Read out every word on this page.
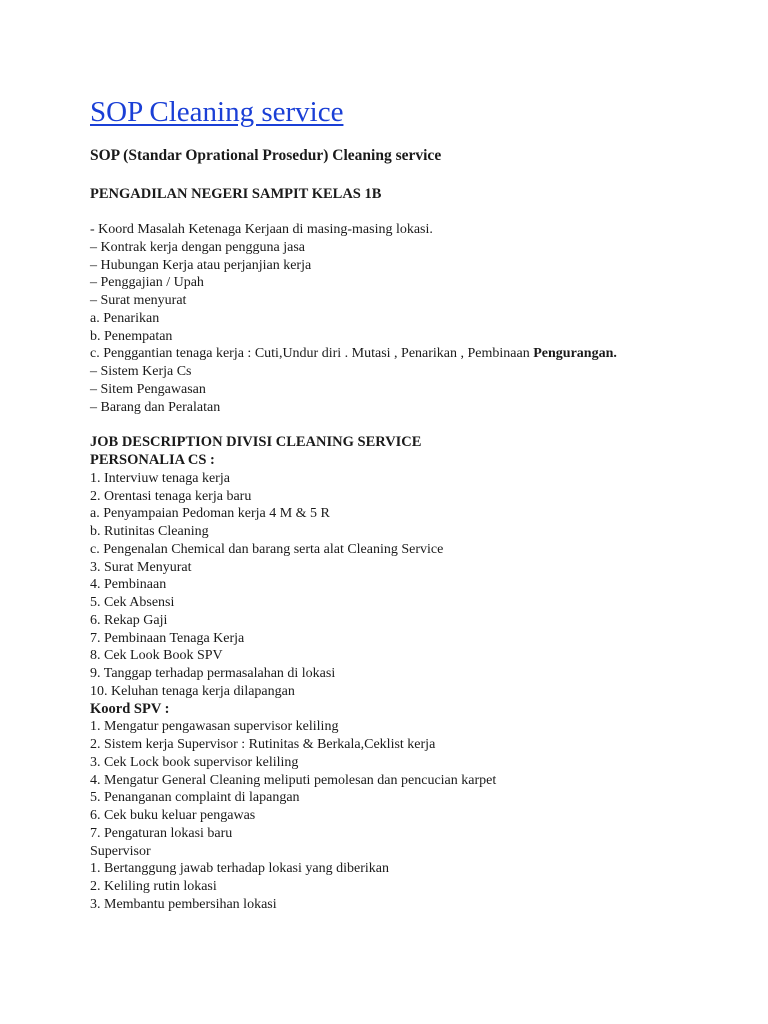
SOP Cleaning service
SOP (Standar Oprational Prosedur) Cleaning service
PENGADILAN NEGERI SAMPIT KELAS 1B
- Koord Masalah Ketenaga Kerjaan di masing-masing lokasi.
– Kontrak kerja dengan pengguna jasa
– Hubungan Kerja atau perjanjian kerja
– Penggajian / Upah
– Surat menyurat
a. Penarikan
b. Penempatan
c. Penggantian tenaga kerja : Cuti,Undur diri . Mutasi , Penarikan , Pembinaan Pengurangan.
– Sistem Kerja Cs
– Sitem Pengawasan
– Barang dan Peralatan
JOB DESCRIPTION DIVISI CLEANING SERVICE
PERSONALIA CS :
1. Interviuw tenaga kerja
2. Orentasi tenaga kerja baru
a. Penyampaian Pedoman kerja 4 M & 5 R
b. Rutinitas Cleaning
c. Pengenalan Chemical dan barang serta alat Cleaning Service
3. Surat Menyurat
4. Pembinaan
5. Cek Absensi
6. Rekap Gaji
7. Pembinaan Tenaga Kerja
8. Cek Look Book SPV
9. Tanggap terhadap permasalahan di lokasi
10. Keluhan tenaga kerja dilapangan
Koord SPV :
1. Mengatur pengawasan supervisor keliling
2. Sistem kerja Supervisor : Rutinitas & Berkala,Ceklist kerja
3. Cek Lock book supervisor keliling
4. Mengatur General Cleaning meliputi pemolesan dan pencucian karpet
5. Penanganan complaint di lapangan
6. Cek buku keluar pengawas
7. Pengaturan lokasi baru
Supervisor
1. Bertanggung jawab terhadap lokasi yang diberikan
2. Keliling rutin lokasi
3. Membantu pembersihan lokasi
